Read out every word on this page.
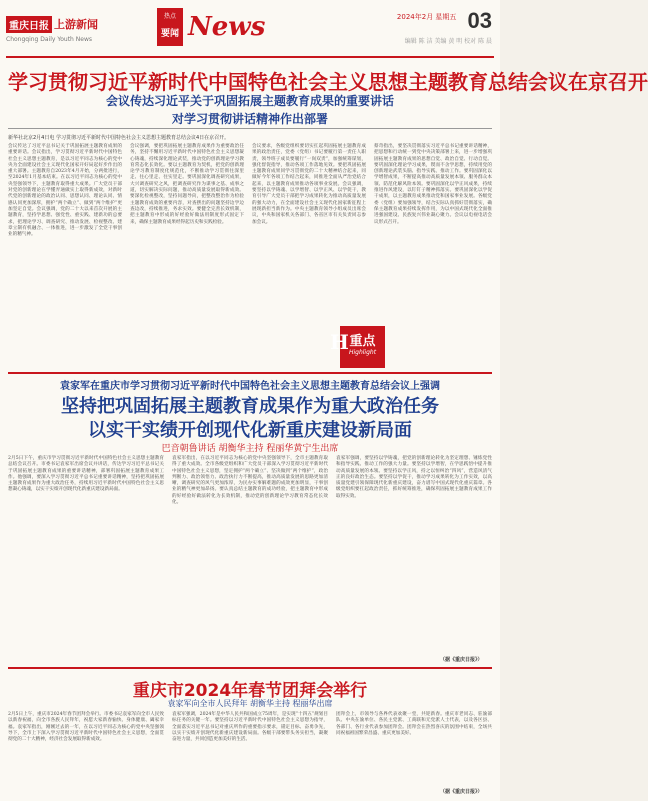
重庆日报 上游新闻
Chongqing Daily Youth News
热点
要闻 News	2024年2月 星期五 03
编辑 陈 洁 美编 黄 明 校对 陈 晨
学习贯彻习近平新时代中国特色社会主义思想主题教育总结会议在京召开
会议传达习近平关于巩固拓展主题教育成果的重要讲话
对学习贯彻讲话精神作出部署
新华社北京2月4日电 学习贯彻习近平新时代中国特色社会主义思想主题教育总结会议4日在京召开。
会议传达了习近平总书记关于巩固拓展主题教育成果的重要讲话。会议指出，学习贯彻习近平新时代中国特色社会主义思想主题教育，是以习近平同志为核心的党中央为全面建设社会主义现代化国家开好局起好步作出的重大部署。主题教育自2023年4月开始，分两批进行，至2024年1月基本结束。在以习近平同志为核心的党中央坚强领导下，主题教育取得重大成果。广大党员干部对党的创新理论在学懂弄通做实上取得新成效，对新时代党的创新理论的政治认同、思想认同、理论认同、情感认同更加深厚，拥护“两个确立”、做到“两个维护”更加坚定自觉。会议强调，党的二十大以来首次开展的主题教育，坚持学思想、强党性、重实践、建新功的总要求，把理论学习、调查研究、推动发展、检视整改、建章立制有机融合、一体推进，进一步激发了全党干事创业的精气神。
会议强调，要把巩固拓展主题教育成果作为重要政治任务，坚持不懈用习近平新时代中国特色社会主义思想凝心铸魂，持续深化理论武装，推动党的创新理论学习教育常态化长效化。要以主题教育为契机，把党的创新理论学习教育制度化规范化，不断推动学习贯彻往深里走、往心里走、往实里走。要巩固深化调查研究成果，大兴调查研究之风，把调查研究作为谋事之基、成事之道，切实解决实际问题，推动高质量发展取得新成效。要深化检视整改，坚持问题导向，把整改整治作为检验主题教育成效的重要内容，对查摆出的问题坚持边学边查边改，持续推进，务求实效。要健全完善长效机制，把主题教育中形成的好经验好做法用制度形式固定下来，确保主题教育成果经得起历史和实践检验。
会议要求，各级党组织要切实扛起巩固拓展主题教育成果的政治责任，党委（党组）书记要履行第一责任人职责，领导班子成员要履行“一岗双责”，加强统筹谋划，强化督促指导，推动各项工作落地见效。要把巩固拓展主题教育成果同学习贯彻党的二十大精神结合起来，同做好今年各项工作结合起来，同推进全面从严治党结合起来，以主题教育成果推动各项事业发展。会议强调，要坚持以学铸魂、以学增智、以学正风、以学促干，教育引导广大党员干部把学习成果转化为推动高质量发展的强大动力，在全面建设社会主义现代化国家新征程上展现新担当新作为。中央主题教育领导小组成员出席会议，中央和国家机关各部门、各省区市有关负责同志参加会议。
蔡奇指出，要坚决贯彻落实习近平总书记重要讲话精神，把思想和行动统一到党中央决策部署上来，进一步增强巩固拓展主题教育成果的思想自觉、政治自觉、行动自觉。要巩固深化理论学习成果，锲而不舍学思想，持续用党的创新理论武装头脑、指导实践、推动工作。要巩固深化以学增智成果，不断提高推动高质量发展本领、服务群众本领、防范化解风险本领。要巩固深化以学正风成果，持续推进作风建设，以钉钉子精神抓落实。要巩固深化以学促干成果，以主题教育成果推动党和国家事业发展。各级党委（党组）要加强领导，结合实际认真抓好贯彻落实，确保主题教育成果持续发挥作用，为以中国式现代化全面推进强国建设、民族复兴伟业凝心聚力。会议以电视电话会议形式召开。
H 重点
Highlight
袁家军在重庆市学习贯彻习近平新时代中国特色社会主义思想主题教育总结会议上强调
坚持把巩固拓展主题教育成果作为重大政治任务
以实干实绩开创现代化新重庆建设新局面
巴音朝鲁讲话 胡衡华主持 程丽华黄宁生出席
2月5日下午，重庆市学习贯彻习近平新时代中国特色社会主义思想主题教育总结会议召开。市委书记袁家军出席会议并讲话，传达学习习近平总书记关于巩固拓展主题教育成果的重要讲话精神，部署巩固拓展主题教育成果工作。他强调，要深入学习贯彻习近平总书记重要讲话精神，坚持把巩固拓展主题教育成果作为重大政治任务，持续用习近平新时代中国特色社会主义思想凝心铸魂，以实干实绩开创现代化新重庆建设新局面。
袁家军指出，在以习近平同志为核心的党中央坚强领导下，全市主题教育取得了重大成效。全市各级党组织和广大党员干部深入学习贯彻习近平新时代中国特色社会主义思想，坚定拥护“两个确立”、坚决做到“两个维护”，政治判断力、政治领悟力、政治执行力不断提高，推动高质量发展的思路更加清晰，调查研究的风气更加浓厚，为民办实事解难题的成效更加明显，干事创业的精气神更加昂扬。要认真总结主题教育的成功经验，把主题教育中形成的好经验好做法转化为长效机制，推动党的创新理论学习教育常态化长效化。
袁家军强调，要坚持以学铸魂，把党的创新理论转化为坚定理想、锤炼党性和指导实践、推动工作的强大力量。要坚持以学增智，在学思践悟中提升推动高质量发展的本领。要坚持以学正风，持之以恒纠治“四风”，营造风清气正的良好政治生态。要坚持以学促干，推动学习成果转化为工作实效，以高质量党建引领保障现代化新重庆建设，奋力谱写中国式现代化重庆篇章。各级党组织要扛起政治责任，抓好统筹推进，确保巩固拓展主题教育成果工作取得实效。
（据《重庆日报》）
重庆市2024年春节团拜会举行
袁家军向全市人民拜年 胡衡华主持 程丽华出席
2月5日上午，重庆市2024年春节团拜会举行。市委书记袁家军向全市人民致以新春祝福，向全市各族人民拜年，祝愿大家新春愉快、身体健康、阖家幸福。袁家军指出，刚刚过去的一年，在以习近平同志为核心的党中央坚强领导下，全市上下深入学习贯彻习近平新时代中国特色社会主义思想，全面贯彻党的二十大精神，经济社会发展取得新成效。
袁家军强调，2024年是中华人民共和国成立75周年，是实现“十四五”规划目标任务的关键一年。要坚持以习近平新时代中国特色社会主义思想为指导，全面落实习近平总书记对重庆所作的重要指示要求，锚定目标、奋勇争先，以实干实绩开创现代化新重庆建设新局面。各级干部要带头务实担当，凝聚奋进力量，共同创造更加美好的生活。
团拜会上，市领导与各界代表欢聚一堂，共迎新春。重庆市老同志、驻渝部队、中央在渝单位、各民主党派、工商联和无党派人士代表，以及各区县、各部门、各行业代表参加团拜会。团拜会在热烈喜庆的氛围中结束，全场共同祝福祖国繁荣昌盛、重庆更加美好。
（据《重庆日报》）
